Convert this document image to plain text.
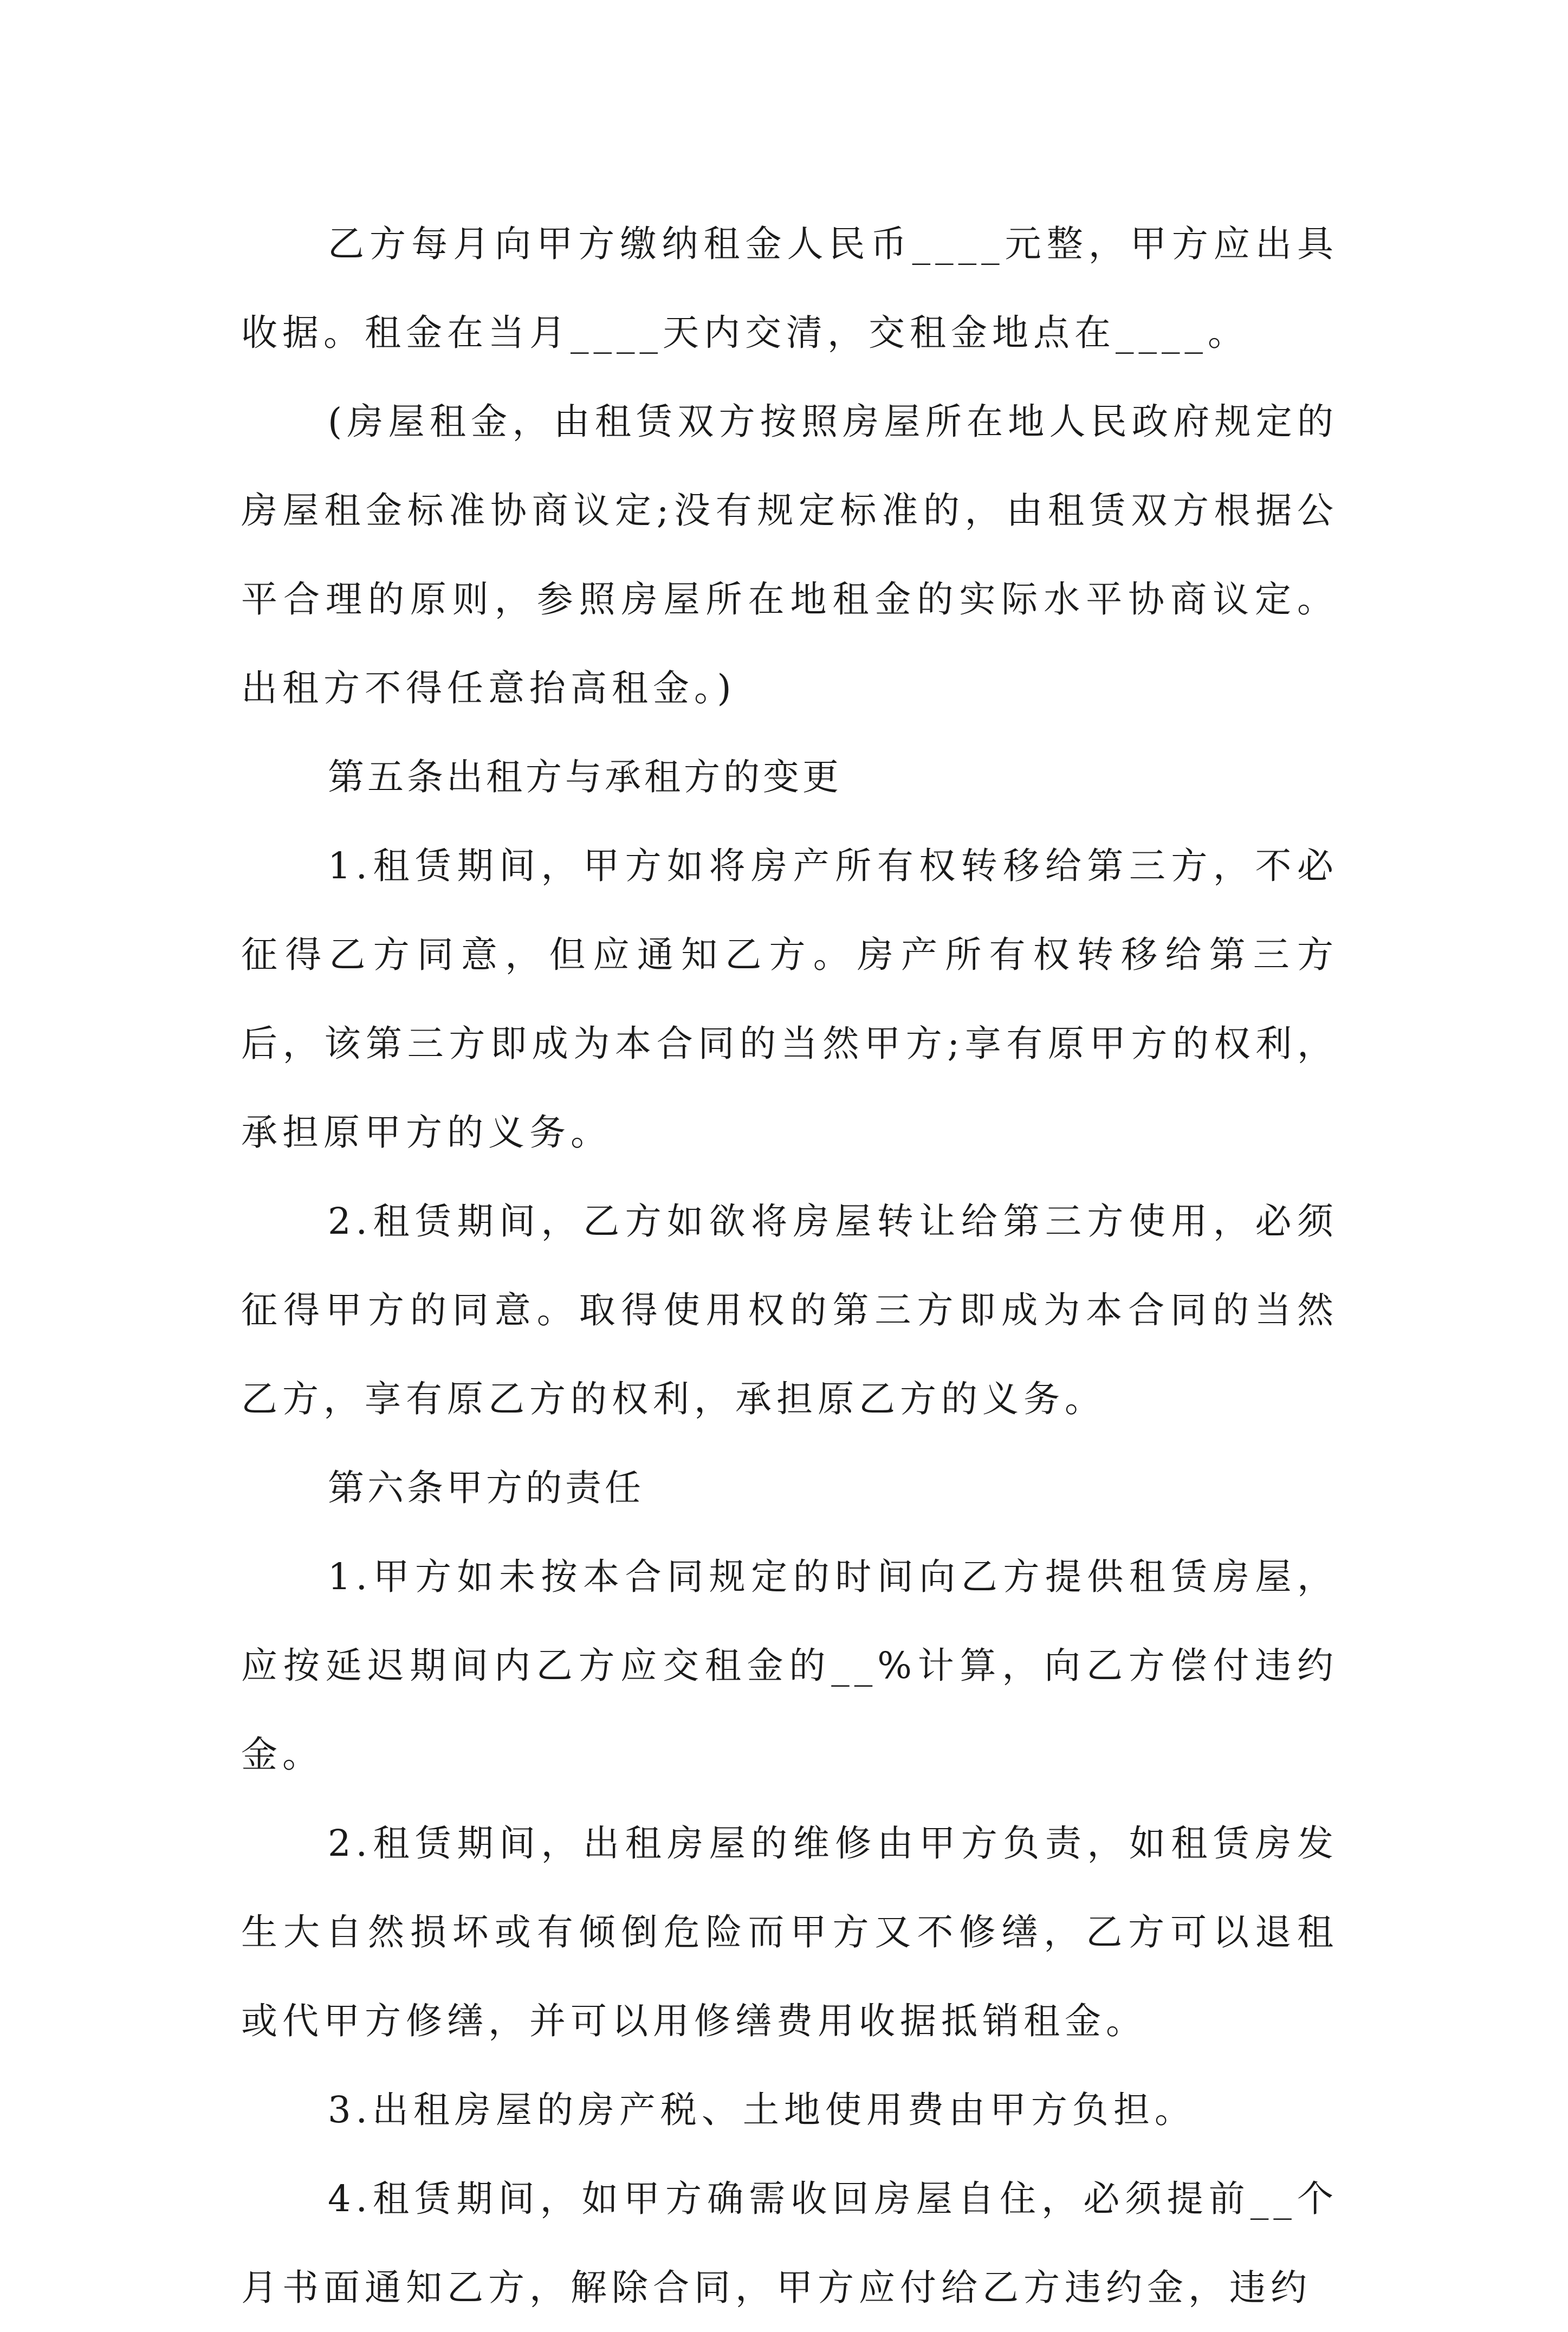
乙方每月向甲方缴纳租金人民币____元整，甲方应出具收据。租金在当月____天内交清，交租金地点在____。

(房屋租金，由租赁双方按照房屋所在地人民政府规定的房屋租金标准协商议定;没有规定标准的，由租赁双方根据公平合理的原则，参照房屋所在地租金的实际水平协商议定。出租方不得任意抬高租金。)

第五条出租方与承租方的变更

1.租赁期间，甲方如将房产所有权转移给第三方，不必征得乙方同意，但应通知乙方。房产所有权转移给第三方后，该第三方即成为本合同的当然甲方;享有原甲方的权利，承担原甲方的义务。

2.租赁期间，乙方如欲将房屋转让给第三方使用，必须征得甲方的同意。取得使用权的第三方即成为本合同的当然乙方，享有原乙方的权利，承担原乙方的义务。

第六条甲方的责任

1.甲方如未按本合同规定的时间向乙方提供租赁房屋，应按延迟期间内乙方应交租金的__%计算，向乙方偿付违约金。

2.租赁期间，出租房屋的维修由甲方负责，如租赁房发生大自然损坏或有倾倒危险而甲方又不修缮，乙方可以退租或代甲方修缮，并可以用修缮费用收据抵销租金。

3.出租房屋的房产税、土地使用费由甲方负担。

4.租赁期间，如甲方确需收回房屋自住，必须提前__个月书面通知乙方，解除合同，甲方应付给乙方违约金，违约
